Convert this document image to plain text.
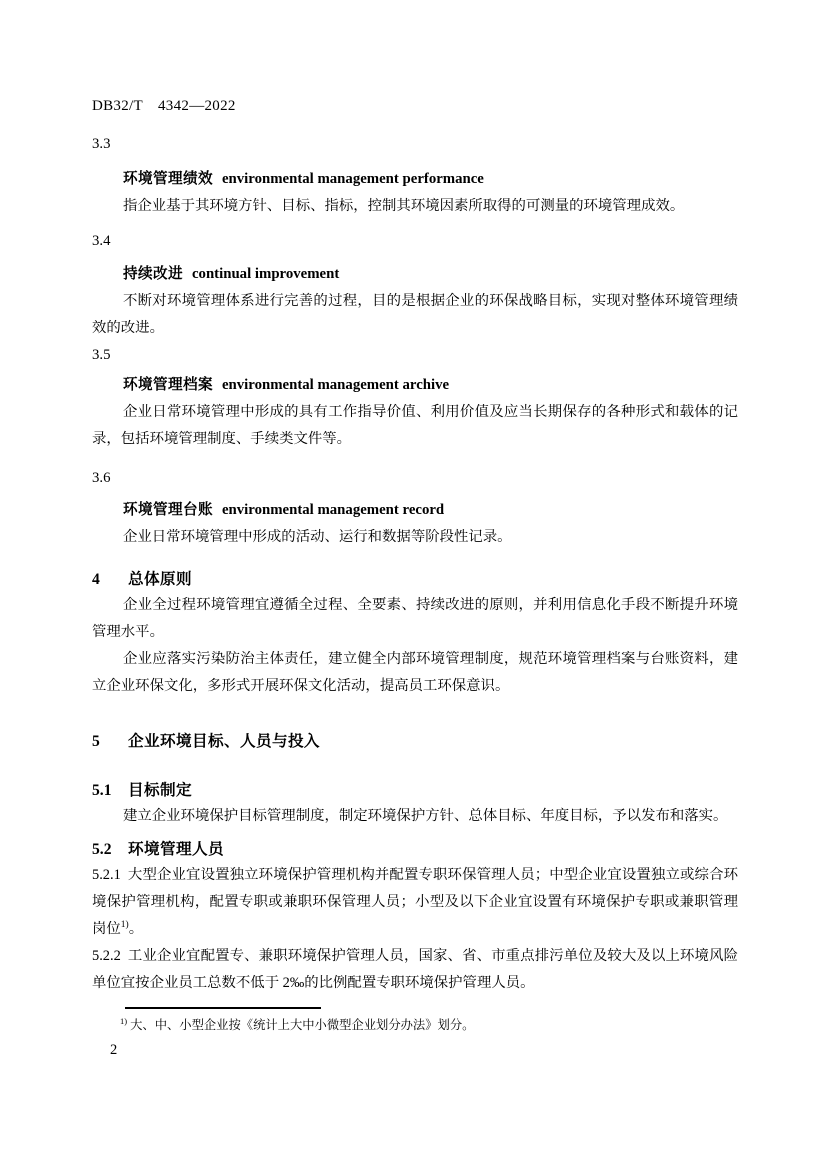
DB32/T　4342—2022
3.3
环境管理绩效 environmental management performance

指企业基于其环境方针、目标、指标，控制其环境因素所取得的可测量的环境管理成效。

3.4
持续改进 continual improvement

不断对环境管理体系进行完善的过程，目的是根据企业的环保战略目标，实现对整体环境管理绩效的改进。

3.5
环境管理档案 environmental management archive

企业日常环境管理中形成的具有工作指导价值、利用价值及应当长期保存的各种形式和载体的记录，包括环境管理制度、手续类文件等。

3.6
环境管理台账 environmental management record

企业日常环境管理中形成的活动、运行和数据等阶段性记录。

4 总体原则

企业全过程环境管理宜遵循全过程、全要素、持续改进的原则，并利用信息化手段不断提升环境管理水平。

企业应落实污染防治主体责任，建立健全内部环境管理制度，规范环境管理档案与台账资料，建立企业环保文化，多形式开展环保文化活动，提高员工环保意识。

5 企业环境目标、人员与投入
5.1 目标制定

建立企业环境保护目标管理制度，制定环境保护方针、总体目标、年度目标，予以发布和落实。

5.2 环境管理人员

5.2.1 大型企业宜设置独立环境保护管理机构并配置专职环保管理人员；中型企业宜设置独立或综合环境保护管理机构，配置专职或兼职环保管理人员；小型及以下企业宜设置有环境保护专职或兼职管理岗位$^{1)}$。

5.2.2 工业企业宜配置专、兼职环境保护管理人员，国家、省、市重点排污单位及较大及以上环境风险单位宜按企业员工总数不低于 2‰的比例配置专职环境保护管理人员。

$^{1)}$ 大、中、小型企业按《统计上大中小微型企业划分办法》划分。

2
